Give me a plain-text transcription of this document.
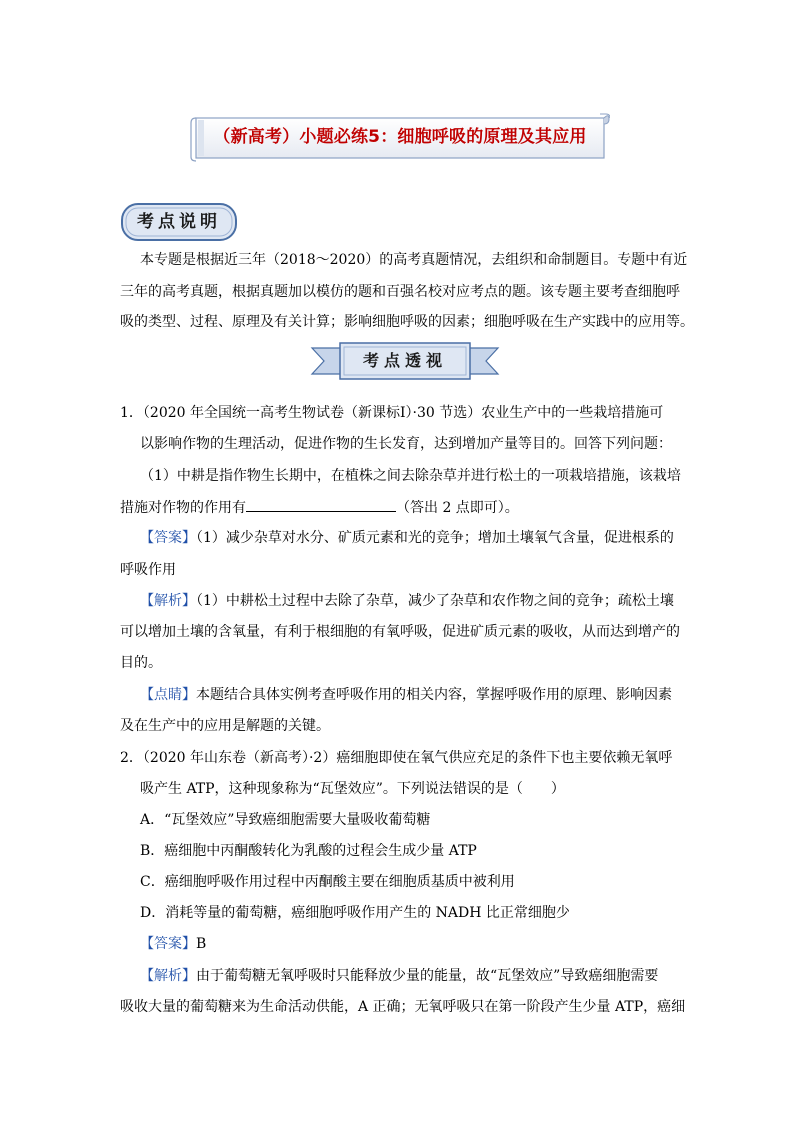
（新高考）小题必练5：细胞呼吸的原理及其应用
考点说明
本专题是根据近三年（2018～2020）的高考真题情况，去组织和命制题目。专题中有近
三年的高考真题，根据真题加以模仿的题和百强名校对应考点的题。该专题主要考查细胞呼
吸的类型、过程、原理及有关计算；影响细胞呼吸的因素；细胞呼吸在生产实践中的应用等。
考点透视
1．（2020 年全国统一高考生物试卷（新课标Ⅰ）·30 节选）农业生产中的一些栽培措施可
以影响作物的生理活动，促进作物的生长发育，达到增加产量等目的。回答下列问题：
（1）中耕是指作物生长期中，在植株之间去除杂草并进行松土的一项栽培措施，该栽培
措施对作物的作用有	（答出 2 点即可）。
【答案】（1）减少杂草对水分、矿质元素和光的竞争；增加土壤氧气含量，促进根系的
呼吸作用
【解析】（1）中耕松土过程中去除了杂草，减少了杂草和农作物之间的竞争；疏松土壤
可以增加土壤的含氧量，有利于根细胞的有氧呼吸，促进矿质元素的吸收，从而达到增产的
目的。
【点睛】本题结合具体实例考查呼吸作用的相关内容，掌握呼吸作用的原理、影响因素
及在生产中的应用是解题的关键。
2．（2020 年山东卷（新高考）·2）癌细胞即使在氧气供应充足的条件下也主要依赖无氧呼
吸产生 ATP，这种现象称为“瓦堡效应”。下列说法错误的是（　　）
A．“瓦堡效应”导致癌细胞需要大量吸收葡萄糖
B．癌细胞中丙酮酸转化为乳酸的过程会生成少量 ATP
C．癌细胞呼吸作用过程中丙酮酸主要在细胞质基质中被利用
D．消耗等量的葡萄糖，癌细胞呼吸作用产生的 NADH 比正常细胞少
【答案】B
【解析】由于葡萄糖无氧呼吸时只能释放少量的能量，故“瓦堡效应”导致癌细胞需要
吸收大量的葡萄糖来为生命活动供能，A 正确；无氧呼吸只在第一阶段产生少量 ATP，癌细
